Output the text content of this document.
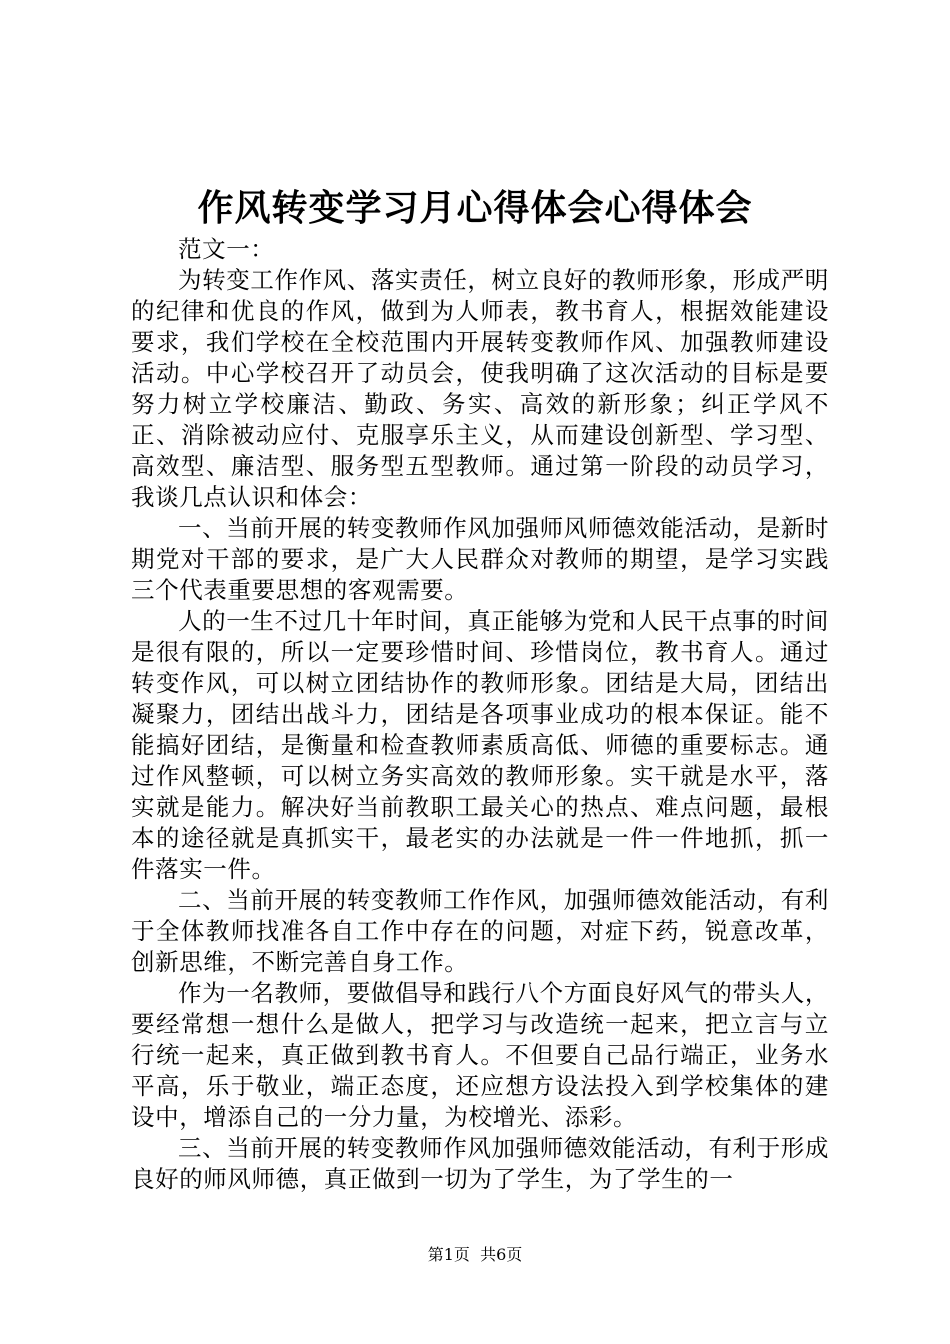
作风转变学习月心得体会心得体会

范文一：

为转变工作作风、落实责任，树立良好的教师形象，形成严明的纪律和优良的作风，做到为人师表，教书育人，根据效能建设要求，我们学校在全校范围内开展转变教师作风、加强教师建设活动。中心学校召开了动员会，使我明确了这次活动的目标是要努力树立学校廉洁、勤政、务实、高效的新形象；纠正学风不正、消除被动应付、克服享乐主义，从而建设创新型、学习型、高效型、廉洁型、服务型五型教师。通过第一阶段的动员学习，我谈几点认识和体会：

一、当前开展的转变教师作风加强师风师德效能活动，是新时期党对干部的要求，是广大人民群众对教师的期望，是学习实践三个代表重要思想的客观需要。

人的一生不过几十年时间，真正能够为党和人民干点事的时间是很有限的，所以一定要珍惜时间、珍惜岗位，教书育人。通过转变作风，可以树立团结协作的教师形象。团结是大局，团结出凝聚力，团结出战斗力，团结是各项事业成功的根本保证。能不能搞好团结，是衡量和检查教师素质高低、师德的重要标志。通过作风整顿，可以树立务实高效的教师形象。实干就是水平，落实就是能力。解决好当前教职工最关心的热点、难点问题，最根本的途径就是真抓实干，最老实的办法就是一件一件地抓，抓一件落实一件。

二、当前开展的转变教师工作作风，加强师德效能活动，有利于全体教师找准各自工作中存在的问题，对症下药，锐意改革，创新思维，不断完善自身工作。

作为一名教师，要做倡导和践行八个方面良好风气的带头人，要经常想一想什么是做人，把学习与改造统一起来，把立言与立行统一起来，真正做到教书育人。不但要自己品行端正，业务水平高，乐于敬业，端正态度，还应想方设法投入到学校集体的建设中，增添自己的一分力量，为校增光、添彩。

三、当前开展的转变教师作风加强师德效能活动，有利于形成良好的师风师德，真正做到一切为了学生，为了学生的一

第1页 共6页
